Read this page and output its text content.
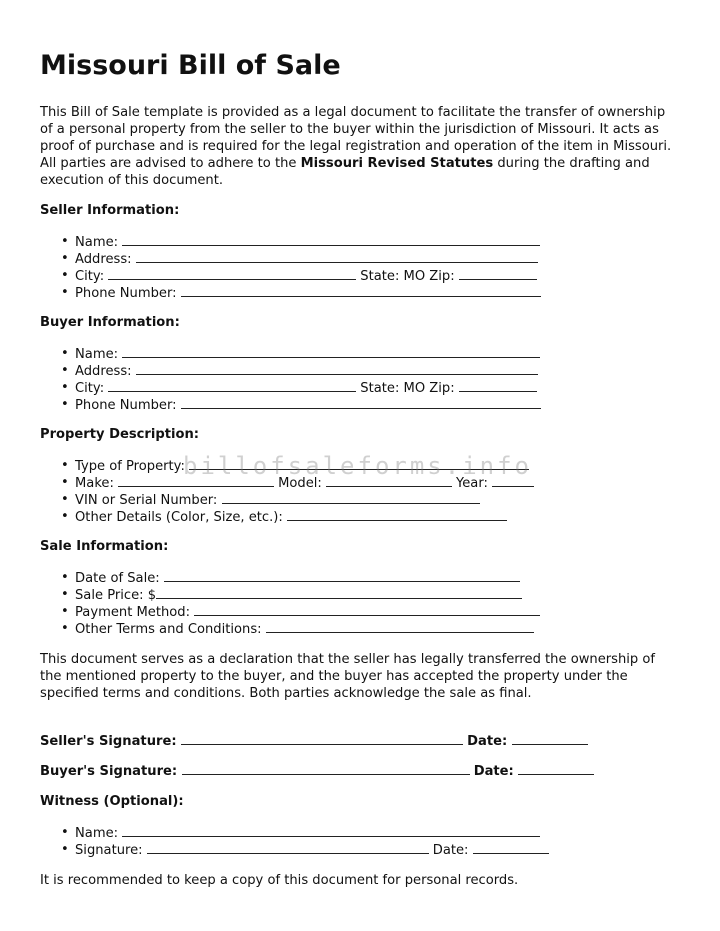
Missouri Bill of Sale

This Bill of Sale template is provided as a legal document to facilitate the transfer of ownership of a personal property from the seller to the buyer within the jurisdiction of Missouri. It acts as proof of purchase and is required for the legal registration and operation of the item in Missouri. All parties are advised to adhere to the Missouri Revised Statutes during the drafting and execution of this document.

Seller Information:
• Name:
• Address:
• City:	State: MO Zip:
• Phone Number:
Buyer Information:
• Name:
• Address:
• City:	State: MO Zip:
• Phone Number:
Property Description:
• Type of Property:
• Make:	Model:	Year:
• VIN or Serial Number:
• Other Details (Color, Size, etc.):
Sale Information:
• Date of Sale:
• Sale Price: $
• Payment Method:
• Other Terms and Conditions:

This document serves as a declaration that the seller has legally transferred the ownership of the mentioned property to the buyer, and the buyer has accepted the property under the specified terms and conditions. Both parties acknowledge the sale as final.

Seller's Signature:	Date:
Buyer's Signature:	Date:
Witness (Optional):
• Name:
• Signature:	Date:
It is recommended to keep a copy of this document for personal records.
billofsaleforms.info
